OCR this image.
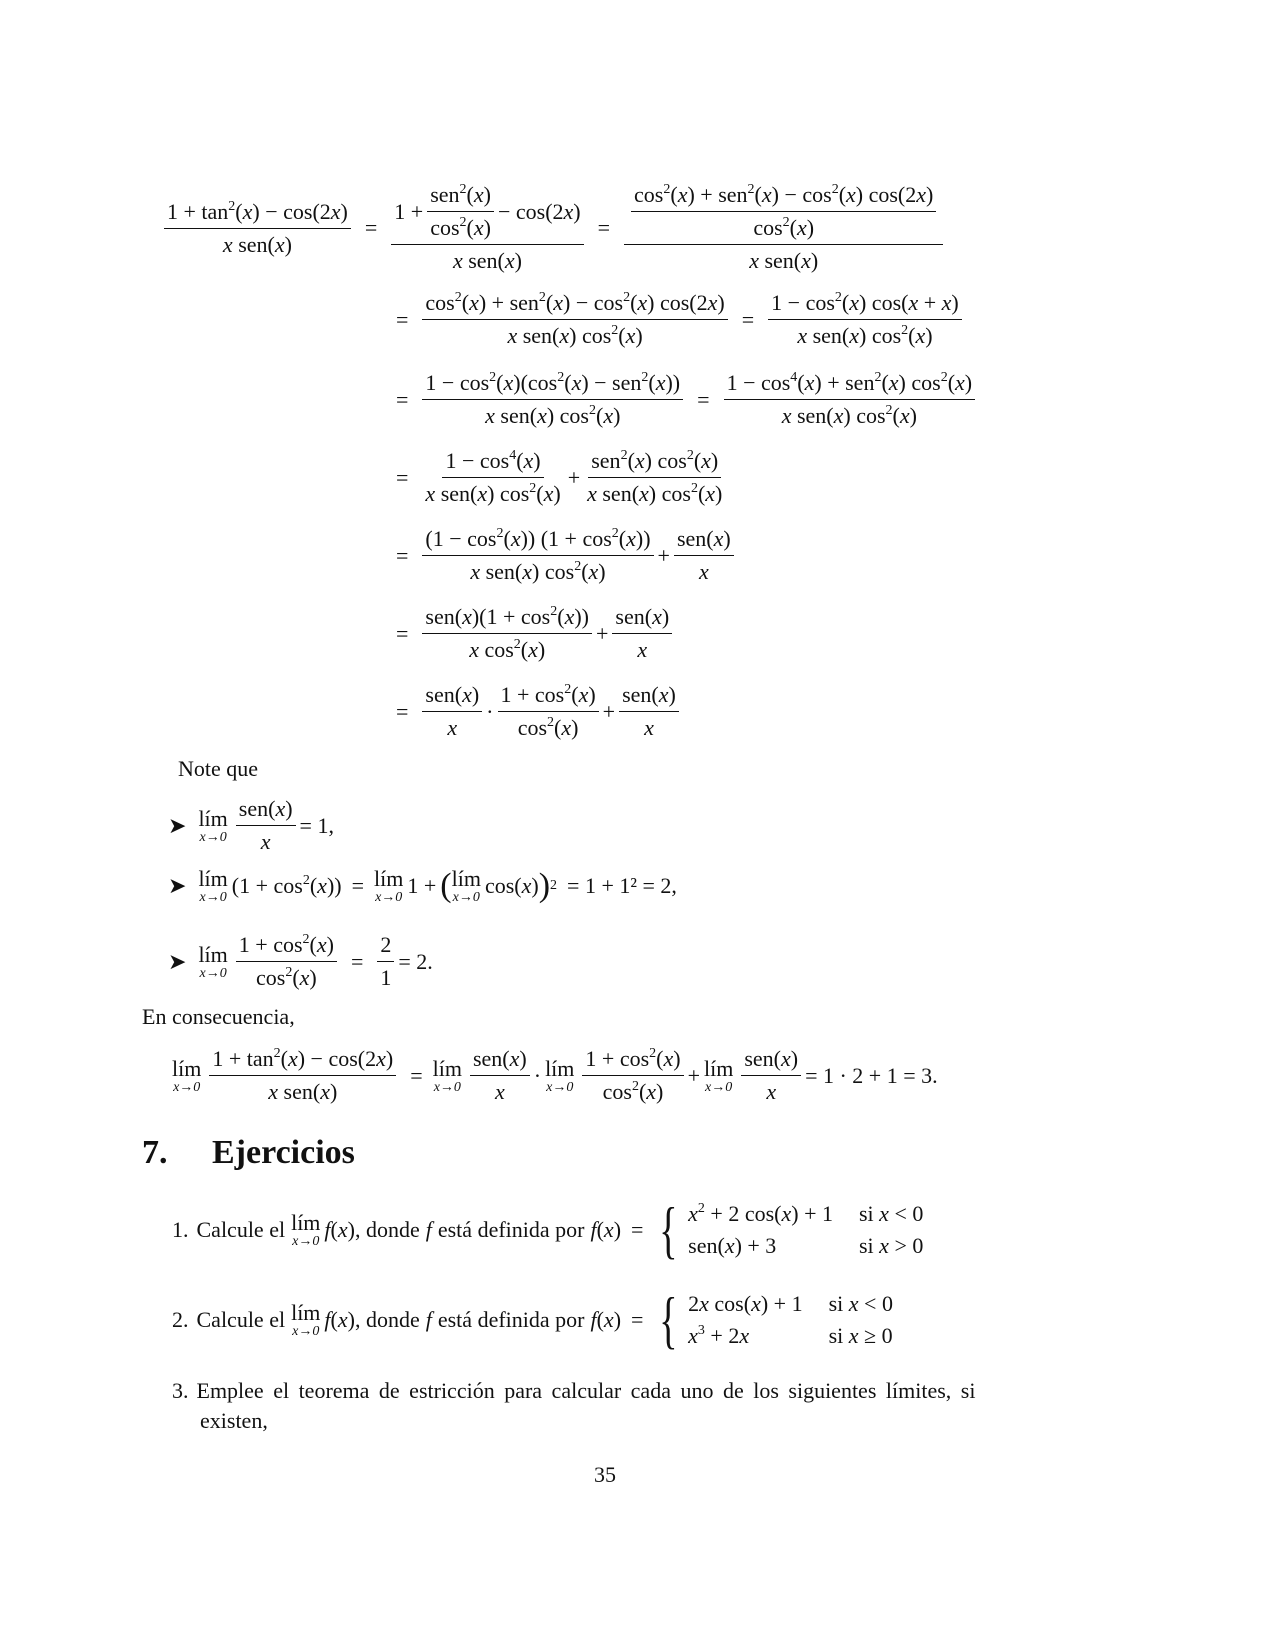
$\frac{1 + \tan^2(x) - \cos(2x)}{\text{x sen(x)}} = \frac{1 + \frac{sen^2(x)}{\cos^2(x)} - \cos(2 x )}{\text{x sen(x)}} = \frac{\frac{\cos^2(x) + sen^2(x) - \cos^2(x) \cos(2x)}{\cos^2(x)}}{\text{x sen(x)}}$
= $\frac{\cos^2(x) + sen^2(x) - \cos^2(x) \cos(2x)}{x sen(x) \cos^2(x)} = \frac{1 - \cos^2(x) \cos(x + x)}{x sen(x) \cos^2(x)}$
= $\frac{1 - \cos^2(x)(\cos^2(x) - sen^2(x))}{x sen(x) \cos^2(x)} = \frac{1 - \cos^4(x) + sen^2(x) \cos^2(x)}{x sen(x) \cos^2(x)}$
= $\frac{1 - \cos^4(x)}{x sen(x) \cos^2(x)} + \frac{sen^2(x) \cos^2(x)}{x sen(x) \cos^2(x)}$
= $\frac{(1 - \cos^2(x)) (1 + \cos^2(x))}{x sen(x) \cos^2(x)} + \frac{\text{sen(x)}}{x}$
= $\frac{sen(x)(1 + \cos^2(x))}{x \cos^2(x)} + \frac{\text{sen(x)}}{x}$
= $\frac{\text{sen(x)}}{x} \cdot \frac{1 + \cos^2(x)}{\cos^2(x)} + \frac{\text{sen(x)}}{x}$
Note que
➤ lím
$x\to 0 \frac{\text{sen(x)}}{x} = 1$,
➤ lím
x→0 $(1 + \cos^2(x))$ = lím
x→0 1 + ( lím
x→0 cos(x) ) 2 = 1 + 1² = 2,
➤ lím
$x\to 0 \frac{1 + \cos^2(x)}{\cos^2(x)} = \frac{2}{1} = 2$.
En consecuencia,
lím
$x\to 0 \frac{1 + \tan^2(x) - \cos(2x)}{\text{x sen(x)}}$ = lím
$x\to 0 \frac{\text{sen(x)}}{x}$ · lím
$x\to 0 \frac{1 + \cos^2(x)}{\cos^2(x)}$ + lím
$x\to 0 \frac{\text{sen(x)}}{x} = 1 \cdot 2 + 1 = 3$.
7.	Ejercicios
1. Calcule el lím
x→0 f(x) , donde f está definida por f(x) = { $x^2 + 2$ cos(x) + 1 si x < 0
sen(x) + 3	si x > 0
2. Calcule el lím
x→0 f(x) , donde f está definida por f(x) = { 2x cos(x) + 1 si x < 0
$x^3 + 2x$	si x ≥ 0
3. Emplee el teorema de estricción para calcular cada uno de los siguientes límites, si
existen,
35
